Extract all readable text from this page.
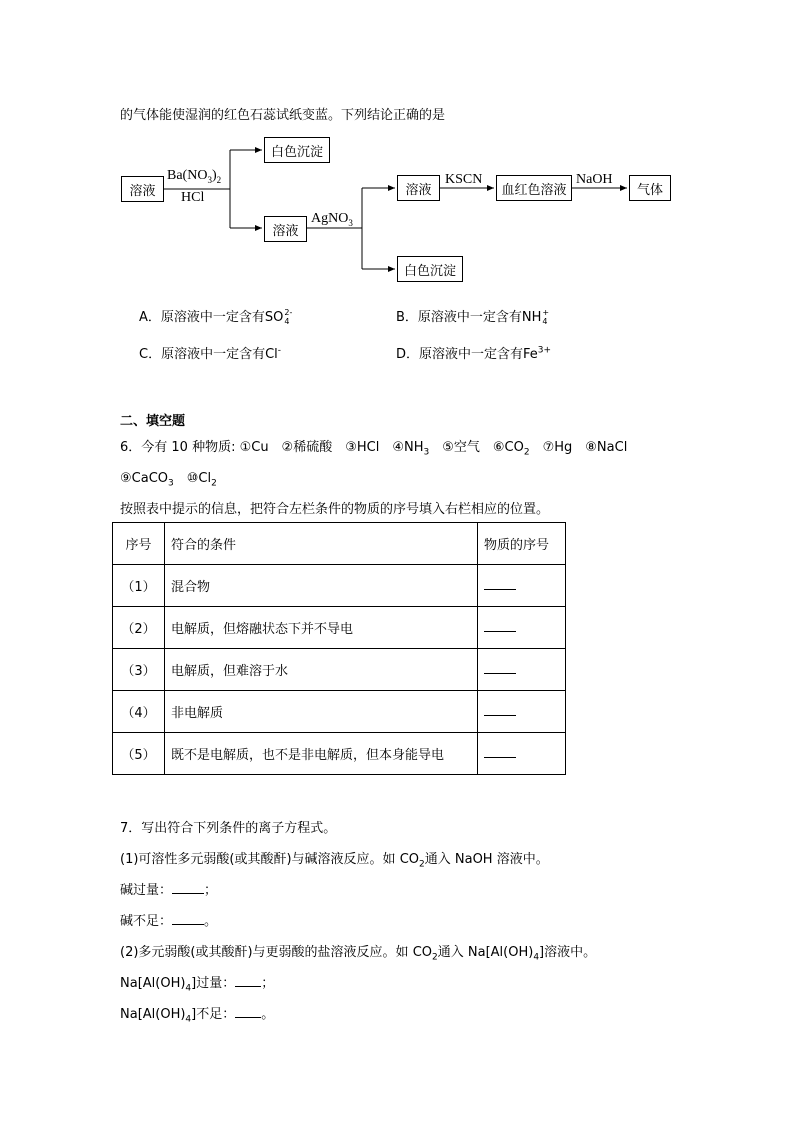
的气体能使湿润的红色石蕊试纸变蓝。下列结论正确的是
溶液
白色沉淀
溶液
溶液
白色沉淀
血红色溶液	气体
$Ba(NO_3)_2$
HCl
AgNO$_3$
KSCN	NaOH
A．原溶液中一定含有SO 2-
4	B．原溶液中一定含有NH +
4
C．原溶液中一定含有Cl-	D．原溶液中一定含有$Fe^{3+}$
二、填空题
6．今有 10 种物质: ①Cu　②稀硫酸　③HCl　$④NH_3$　⑤空气　$⑥CO_2$　⑦Hg　⑧NaCl
⑨CaCO$_3$　$⑩Cl_2$
按照表中提示的信息，把符合左栏条件的物质的序号填入右栏相应的位置。
序号	符合的条件	物质的序号
（1）	混合物	
（2）	电解质，但熔融状态下并不导电	
（3）	电解质，但难溶于水	
（4）	非电解质	
（5）	既不是电解质，也不是非电解质，但本身能导电	
7．写出符合下列条件的离子方程式。
(1)可溶性多元弱酸(或其酸酐)与碱溶液反应。如 $CO_2$通入 NaOH 溶液中。
碱过量： ；
碱不足： 。
(2)多元弱酸(或其酸酐)与更弱酸的盐溶液反应。如 $CO_2$通入 $Na[Al(OH)_4]$溶液中。
$Na[Al(OH)_4]$过量： ；
$Na[Al(OH)_4]$不足： 。
